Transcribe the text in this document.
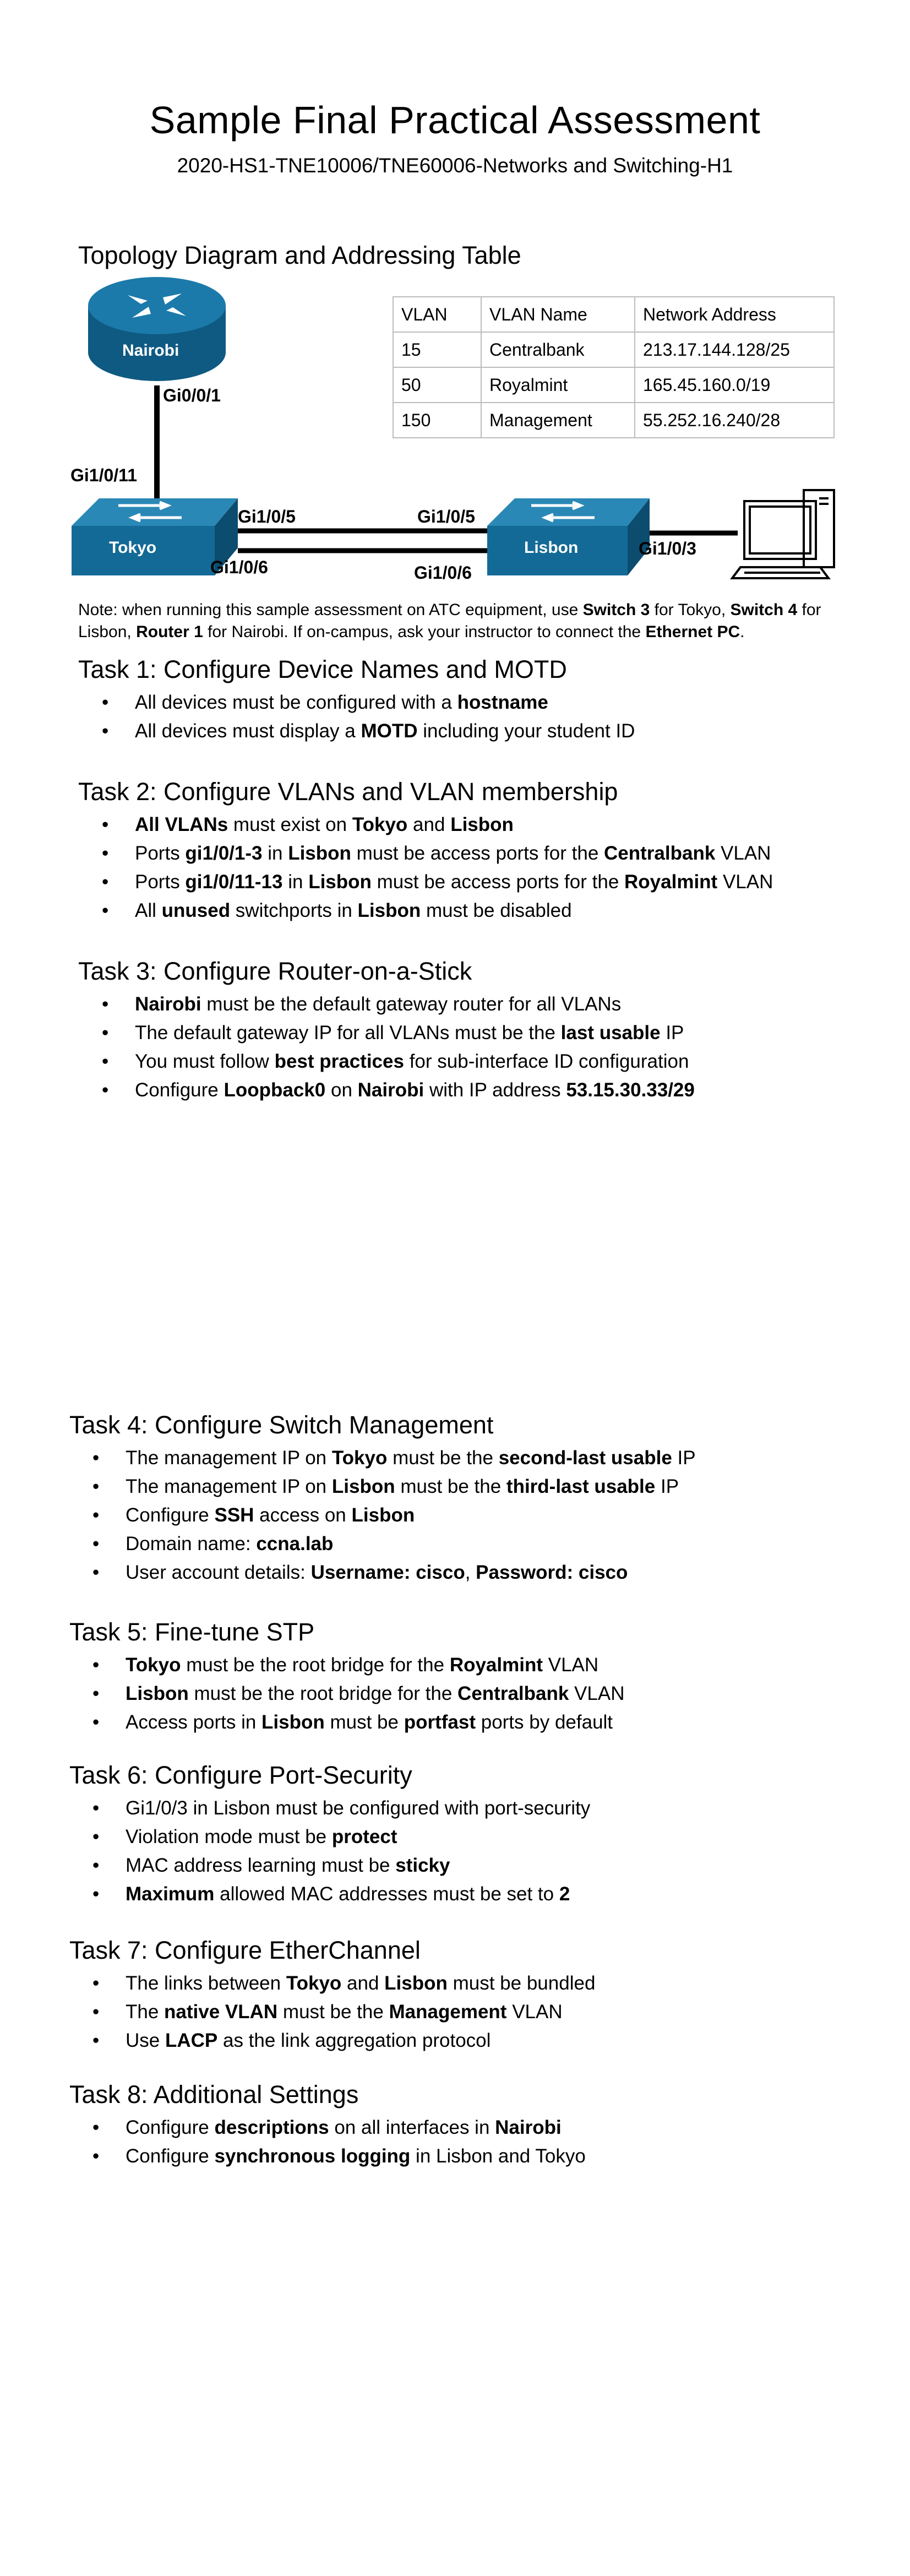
Sample Final Practical Assessment
2020-HS1-TNE10006/TNE60006-Networks and Switching-H1
Topology Diagram and Addressing Table
Nairobi
Tokyo	Lisbon
Gi0/0/1
Gi1/0/11
Gi1/0/5
Gi1/0/6
Gi1/0/5
Gi1/0/6
Gi1/0/3
VLAN	VLAN Name	Network Address
15	Centralbank	213.17.144.128/25
50	Royalmint	165.45.160.0/19
150	Management	55.252.16.240/28
Note: when running this sample assessment on ATC equipment, use Switch 3 for Tokyo, Switch 4 for Lisbon, Router 1 for Nairobi. If on-campus, ask your instructor to connect the Ethernet PC.
Task 1: Configure Device Names and MOTD
• All devices must be configured with a hostname
• All devices must display a MOTD including your student ID
Task 2: Configure VLANs and VLAN membership
• All VLANs must exist on Tokyo and Lisbon
• Ports gi1/0/1-3 in Lisbon must be access ports for the Centralbank VLAN
• Ports gi1/0/11-13 in Lisbon must be access ports for the Royalmint VLAN
• All unused switchports in Lisbon must be disabled
Task 3: Configure Router-on-a-Stick
• Nairobi must be the default gateway router for all VLANs
• The default gateway IP for all VLANs must be the last usable IP
• You must follow best practices for sub-interface ID configuration
• Configure Loopback0 on Nairobi with IP address 53.15.30.33/29
Task 4: Configure Switch Management
• The management IP on Tokyo must be the second-last usable IP
• The management IP on Lisbon must be the third-last usable IP
• Configure SSH access on Lisbon
• Domain name: ccna.lab
• User account details: Username: cisco, Password: cisco
Task 5: Fine-tune STP
• Tokyo must be the root bridge for the Royalmint VLAN
• Lisbon must be the root bridge for the Centralbank VLAN
• Access ports in Lisbon must be portfast ports by default
Task 6: Configure Port-Security
• Gi1/0/3 in Lisbon must be configured with port-security
• Violation mode must be protect
• MAC address learning must be sticky
• Maximum allowed MAC addresses must be set to 2
Task 7: Configure EtherChannel
• The links between Tokyo and Lisbon must be bundled
• The native VLAN must be the Management VLAN
• Use LACP as the link aggregation protocol
Task 8: Additional Settings
• Configure descriptions on all interfaces in Nairobi
• Configure synchronous logging in Lisbon and Tokyo
